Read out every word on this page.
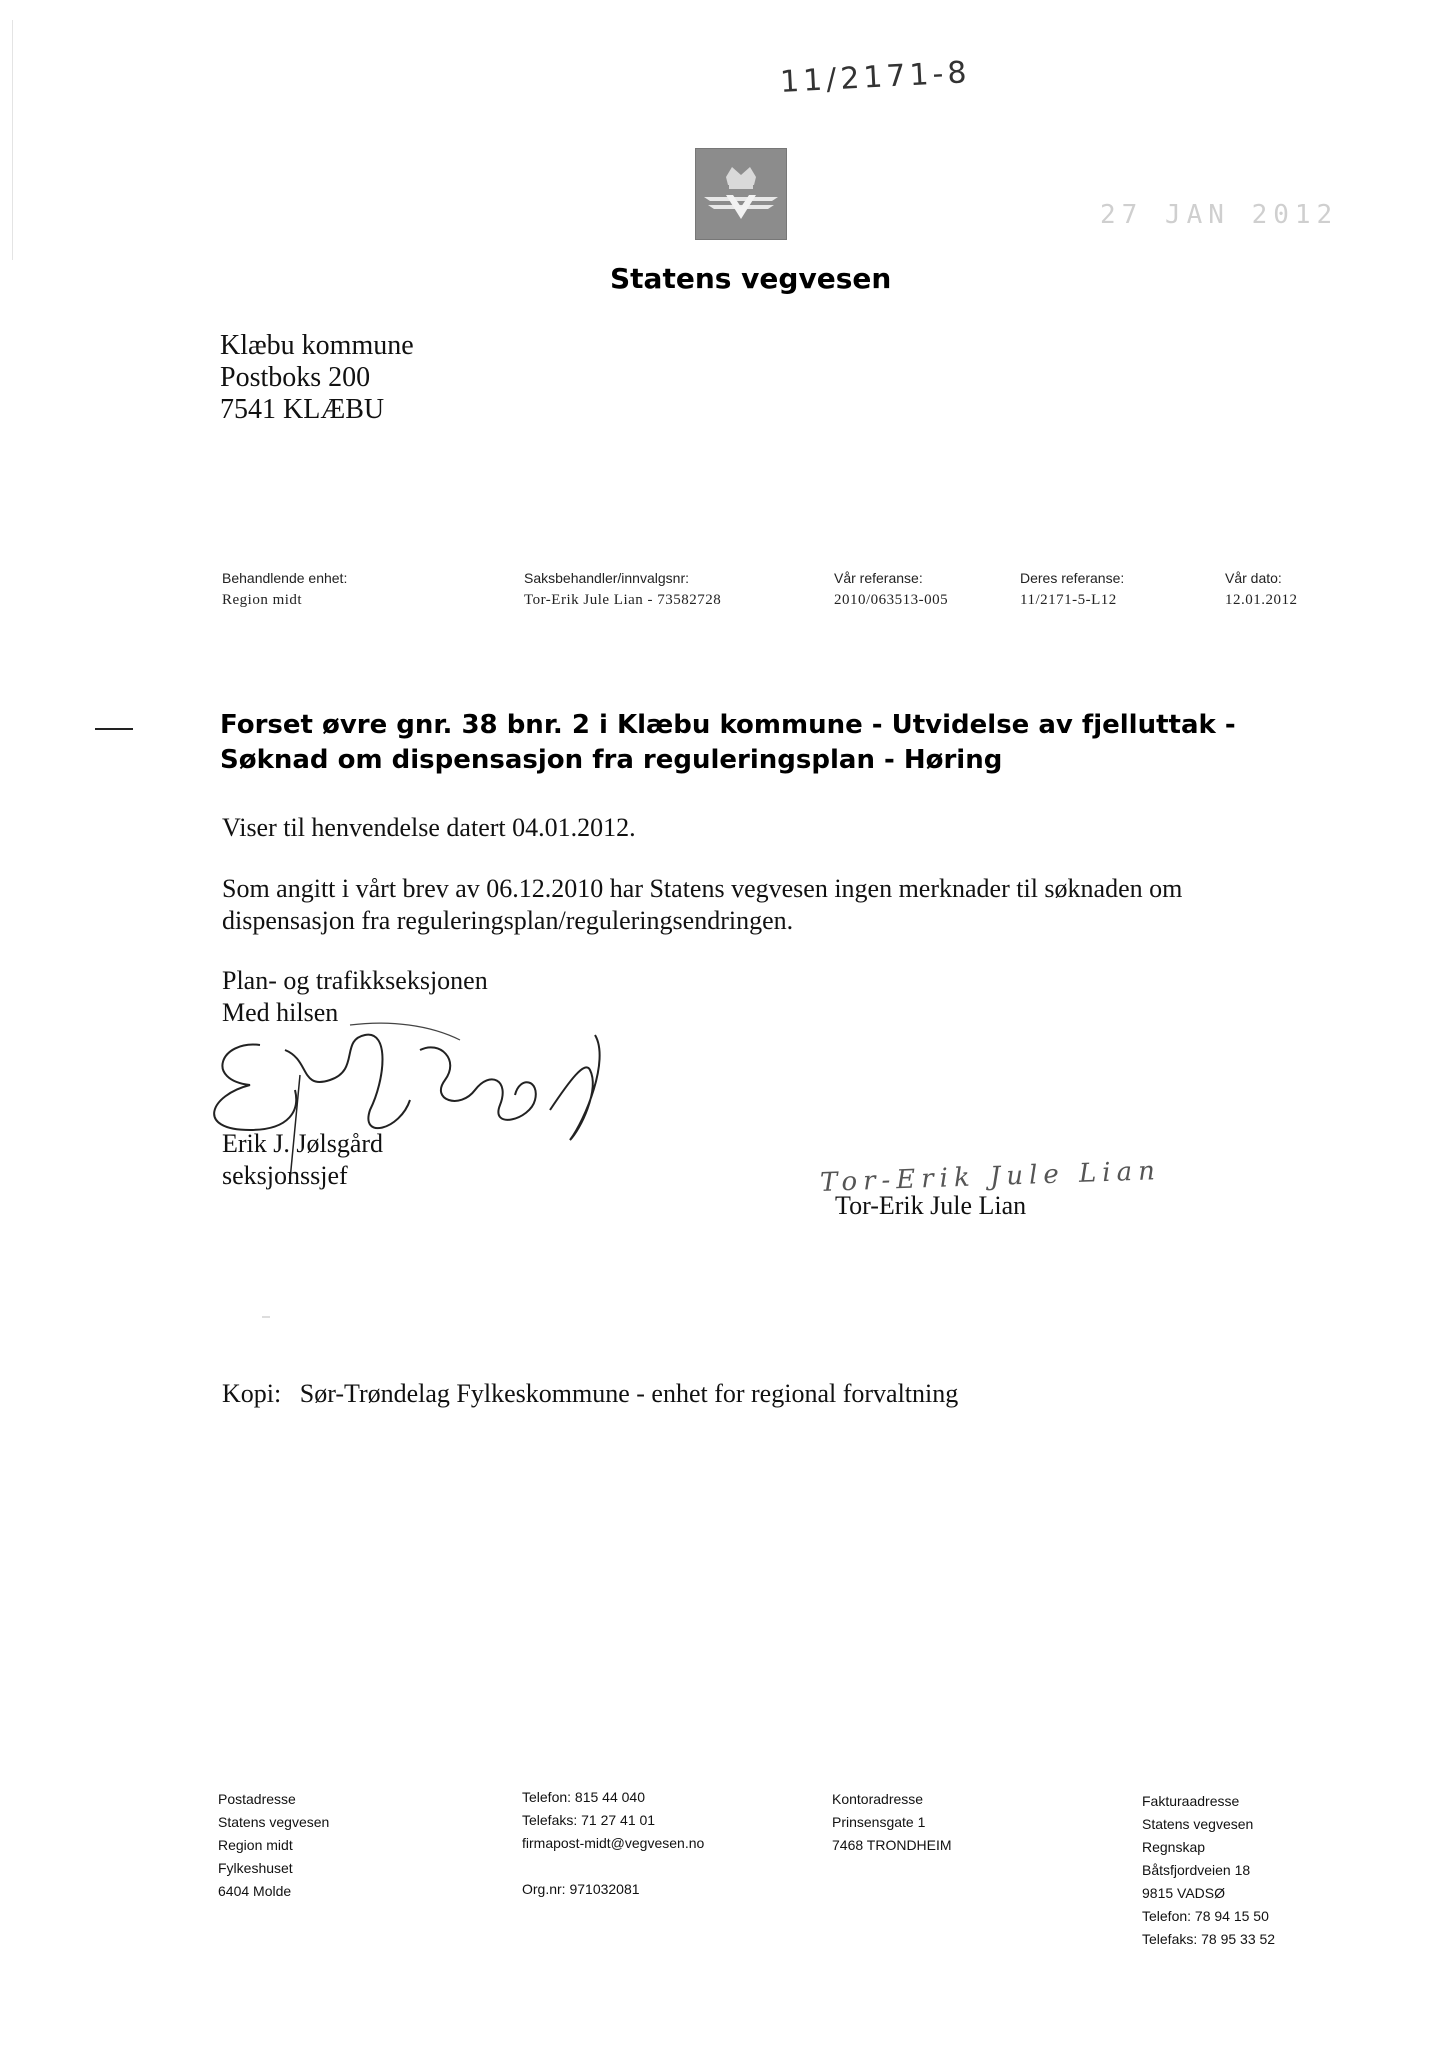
11/2171-8
27 JAN 2012
Statens vegvesen
Klæbu kommune
Postboks 200
7541 KLÆBU
Behandlende enhet:
Region midt
Saksbehandler/innvalgsnr:
Tor-Erik Jule Lian - 73582728
Vår referanse:
2010/063513-005
Deres referanse:
11/2171-5-L12
Vår dato:
12.01.2012
Forset øvre gnr. 38 bnr. 2 i Klæbu kommune - Utvidelse av fjelluttak -
Søknad om dispensasjon fra reguleringsplan - Høring
Viser til henvendelse datert 04.01.2012.
Som angitt i vårt brev av 06.12.2010 har Statens vegvesen ingen merknader til søknaden om
dispensasjon fra reguleringsplan/reguleringsendringen.
Plan- og trafikkseksjonen
Med hilsen
Erik J. Jølsgård
seksjonssjef	Tor-Erik Jule Lian
Tor-Erik Jule Lian
Kopi: Sør-Trøndelag Fylkeskommune - enhet for regional forvaltning
Postadresse
Statens vegvesen
Region midt
Fylkeshuset
6404 Molde
Telefon: 815 44 040
Telefaks: 71 27 41 01
firmapost-midt@vegvesen.no
Org.nr: 971032081
Kontoradresse
Prinsensgate 1
7468 TRONDHEIM
Fakturaadresse
Statens vegvesen
Regnskap
Båtsfjordveien 18
9815 VADSØ
Telefon: 78 94 15 50
Telefaks: 78 95 33 52
